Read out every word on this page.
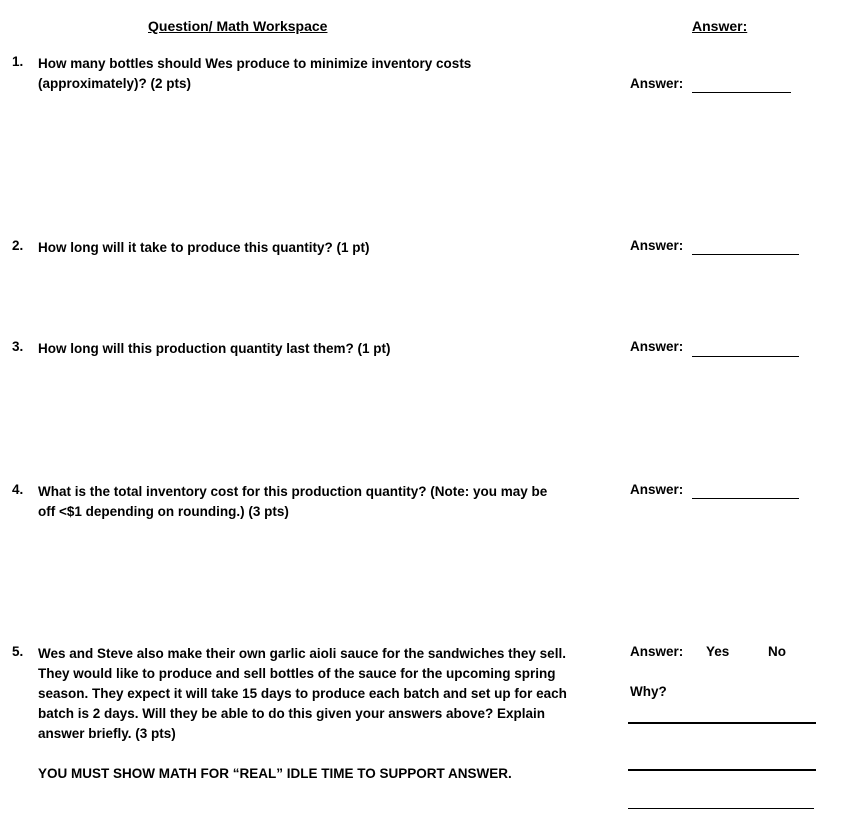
Question/ Math Workspace	Answer:
1. How many bottles should Wes produce to minimize inventory costs
(approximately)? (2 pts)	Answer:
2. How long will it take to produce this quantity? (1 pt)	Answer:
3. How long will this production quantity last them? (1 pt)	Answer:
4. What is the total inventory cost for this production quantity? (Note: you may be
off <$1 depending on rounding.) (3 pts)
Answer:
5. Wes and Steve also make their own garlic aioli sauce for the sandwiches they sell.
They would like to produce and sell bottles of the sauce for the upcoming spring
season. They expect it will take 15 days to produce each batch and set up for each
batch is 2 days. Will they be able to do this given your answers above? Explain
answer briefly. (3 pts)
Answer: Yes	No
Why?
YOU MUST SHOW MATH FOR “REAL” IDLE TIME TO SUPPORT ANSWER.
